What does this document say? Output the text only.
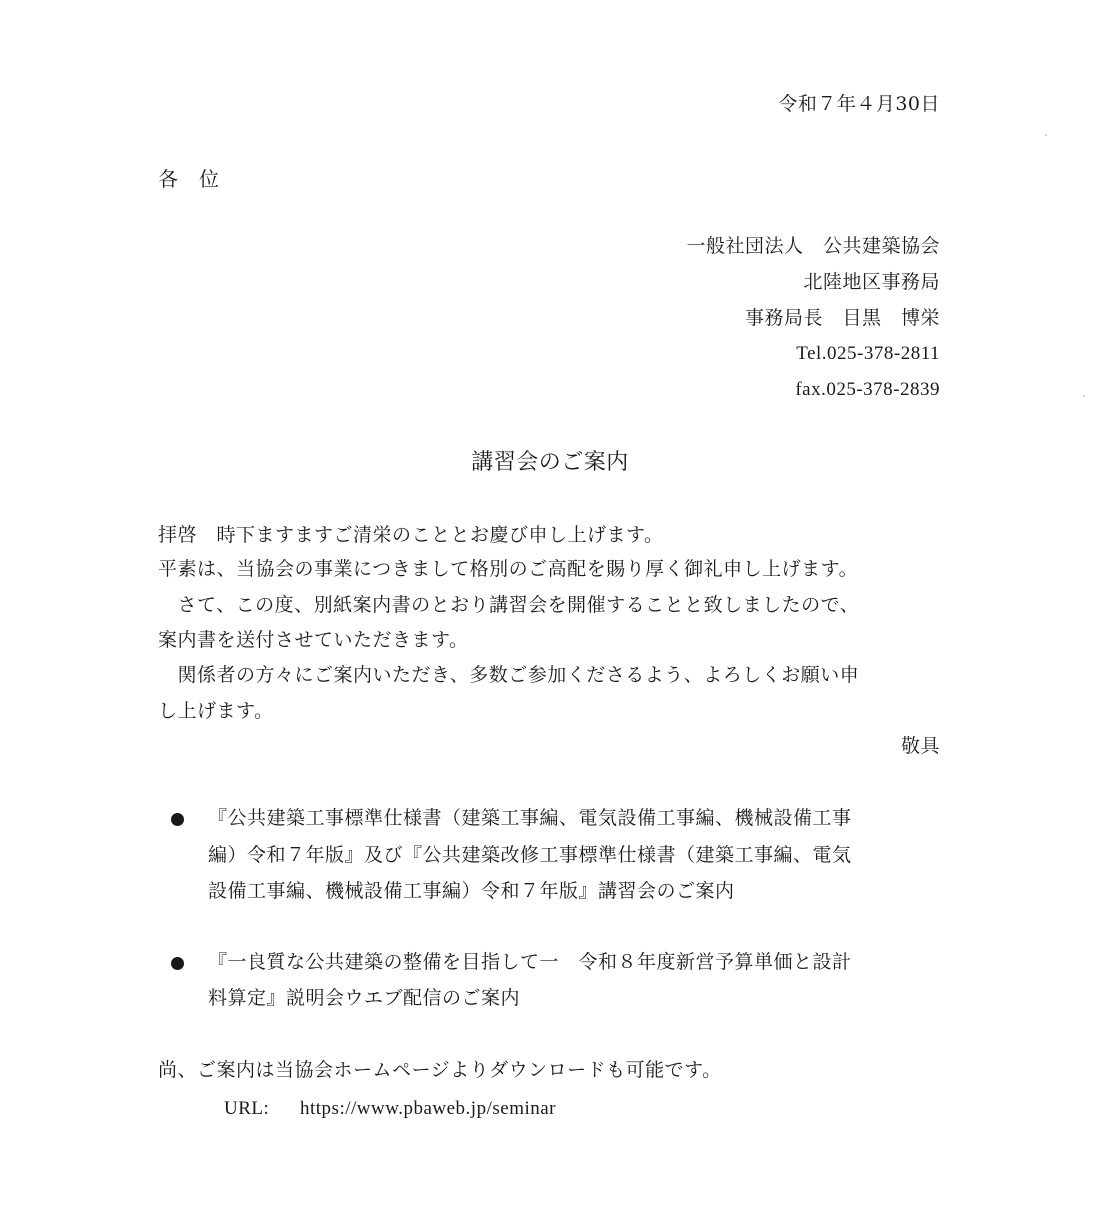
令和７年４月30日
各　位
一般社団法人　公共建築協会
北陸地区事務局
事務局長　目黒　博栄
Tel.025-378-2811
fax.025-378-2839
講習会のご案内
拝啓　時下ますますご清栄のこととお慶び申し上げます。
平素は、当協会の事業につきまして格別のご高配を賜り厚く御礼申し上げます。
　さて、この度、別紙案内書のとおり講習会を開催することと致しましたので、
案内書を送付させていただきます。
　関係者の方々にご案内いただき、多数ご参加くださるよう、よろしくお願い申
し上げます。
敬具
『公共建築工事標準仕様書（建築工事編、電気設備工事編、機械設備工事
編）令和７年版』及び『公共建築改修工事標準仕様書（建築工事編、電気
設備工事編、機械設備工事編）令和７年版』講習会のご案内
『一良質な公共建築の整備を目指して一　令和８年度新営予算単価と設計
料算定』説明会ウエブ配信のご案内
尚、ご案内は当協会ホームページよりダウンロードも可能です。
URL: https://www.pbaweb.jp/seminar
